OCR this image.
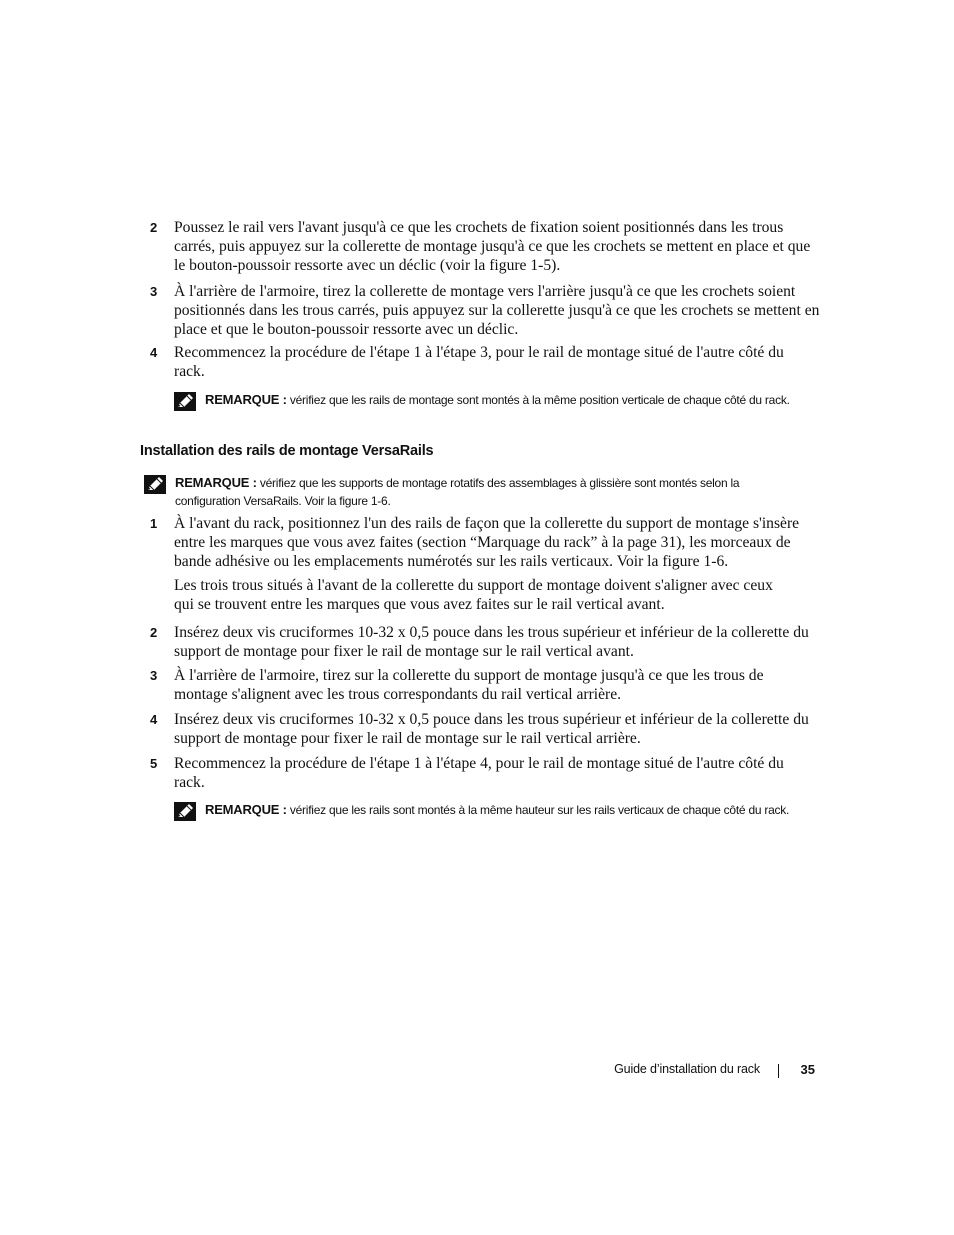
2	Poussez le rail vers l'avant jusqu'à ce que les crochets de fixation soient positionnés dans les trous carrés, puis appuyez sur la collerette de montage jusqu'à ce que les crochets se mettent en place et que le bouton-poussoir ressorte avec un déclic (voir la figure 1-5).
3	À l'arrière de l'armoire, tirez la collerette de montage vers l'arrière jusqu'à ce que les crochets soient positionnés dans les trous carrés, puis appuyez sur la collerette jusqu'à ce que les crochets se mettent en place et que le bouton-poussoir ressorte avec un déclic.
4	Recommencez la procédure de l'étape 1 à l'étape 3, pour le rail de montage situé de l'autre côté du rack.
REMARQUE : vérifiez que les rails de montage sont montés à la même position verticale de chaque côté du rack.
Installation des rails de montage VersaRails
REMARQUE : vérifiez que les supports de montage rotatifs des assemblages à glissière sont montés selon la configuration VersaRails. Voir la figure 1-6.
1	À l'avant du rack, positionnez l'un des rails de façon que la collerette du support de montage s'insère entre les marques que vous avez faites (section “Marquage du rack” à la page 31), les morceaux de bande adhésive ou les emplacements numérotés sur les rails verticaux. Voir la figure 1-6.
Les trois trous situés à l'avant de la collerette du support de montage doivent s'aligner avec ceux qui se trouvent entre les marques que vous avez faites sur le rail vertical avant.
2	Insérez deux vis cruciformes 10-32 x 0,5 pouce dans les trous supérieur et inférieur de la collerette du support de montage pour fixer le rail de montage sur le rail vertical avant.
3	À l'arrière de l'armoire, tirez sur la collerette du support de montage jusqu'à ce que les trous de montage s'alignent avec les trous correspondants du rail vertical arrière.
4	Insérez deux vis cruciformes 10-32 x 0,5 pouce dans les trous supérieur et inférieur de la collerette du support de montage pour fixer le rail de montage sur le rail vertical arrière.
5	Recommencez la procédure de l'étape 1 à l'étape 4, pour le rail de montage situé de l'autre côté du rack.
REMARQUE : vérifiez que les rails sont montés à la même hauteur sur les rails verticaux de chaque côté du rack.
Guide d’installation du rack	35
